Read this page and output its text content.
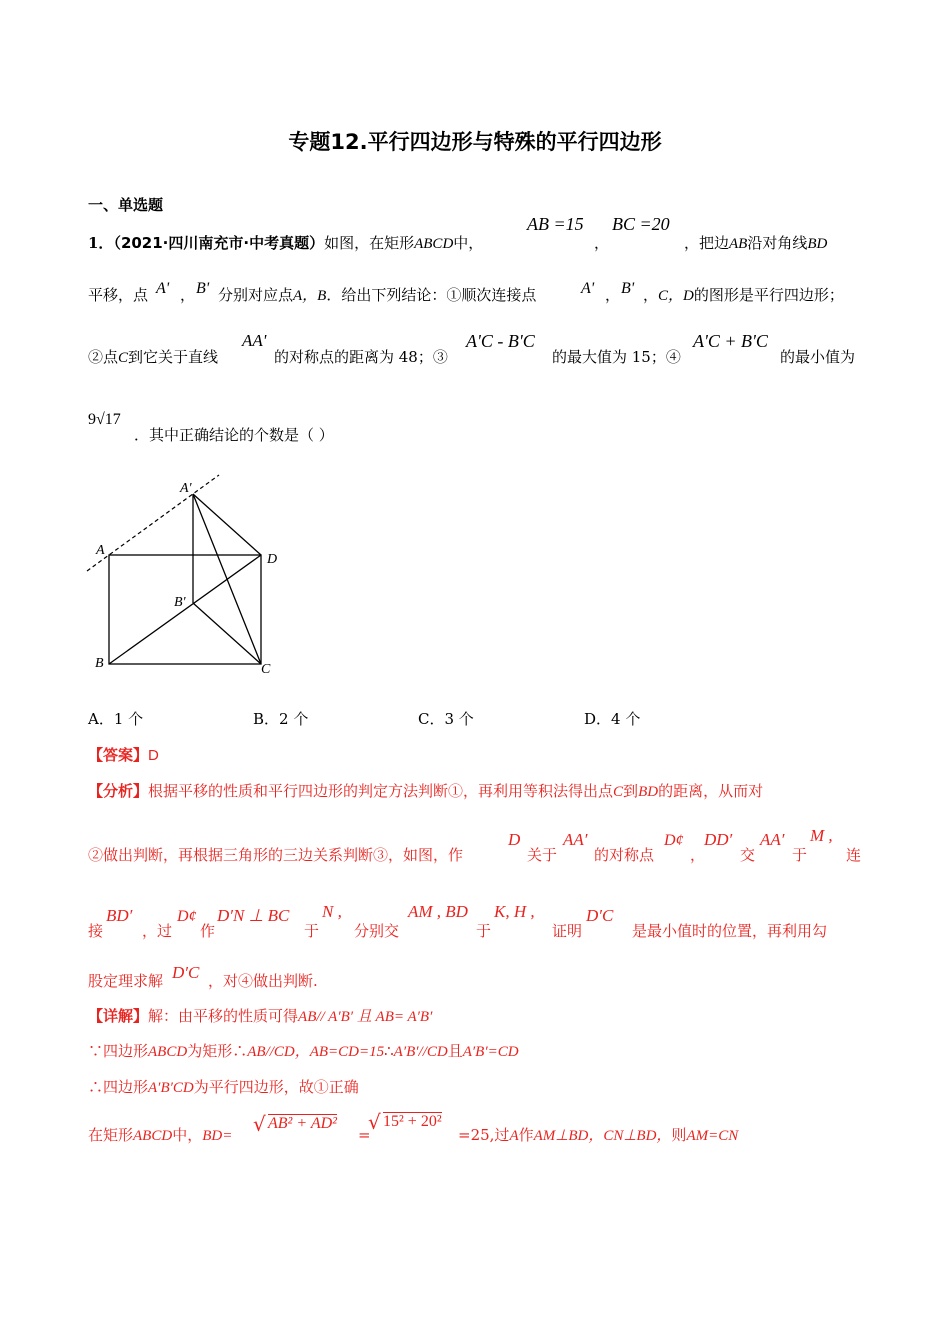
专题12.平行四边形与特殊的平行四边形
一、单选题
1．（2021·四川南充市·中考真题）如图，在矩形ABCD中，
AB =15
，
BC =20
，把边AB沿对角线BD
平移，点 A' ， B' 分别对应点A，B．给出下列结论：①顺次连接点	A' ， B' ，C，D的图形是平行四边形；
②点C到它关于直线
AA'
的对称点的距离为 48；③
A'C - B'C
的最大值为 15；④
A'C + B'C
的最小值为
9√17
．其中正确结论的个数是（ ）
A'
A
D
B'
B	C
A．1 个	B．2 个	C．3 个	D．4 个
【答案】D
【分析】根据平移的性质和平行四边形的判定方法判断①，再利用等积法得出点C到BD的距离，从而对
②做出判断，再根据三角形的三边关系判断③，如图，作
D
关于
AA′
的对称点
D¢
，
DD′
交
AA′
于
M ,
连
接
BD′
，过
D¢
作
D′N ⊥ BC
于
N ,
分别交
AM , BD
于
K, H ,
证明
D′C
是最小值时的位置，再利用勾
股定理求解 D′C ，对④做出判断.
【详解】解：由平移的性质可得AB// A′B′ 且 AB= A′B′
∵四边形ABCD为矩形∴AB//CD，AB=CD=15∴A′B′//CD且A′B′=CD
∴四边形A′B′CD为平行四边形，故①正确
在矩形ABCD中，BD= √ AB² + AD²
=
√ 15² + 20²
=25,过A作AM⊥BD，CN⊥BD，则AM=CN
